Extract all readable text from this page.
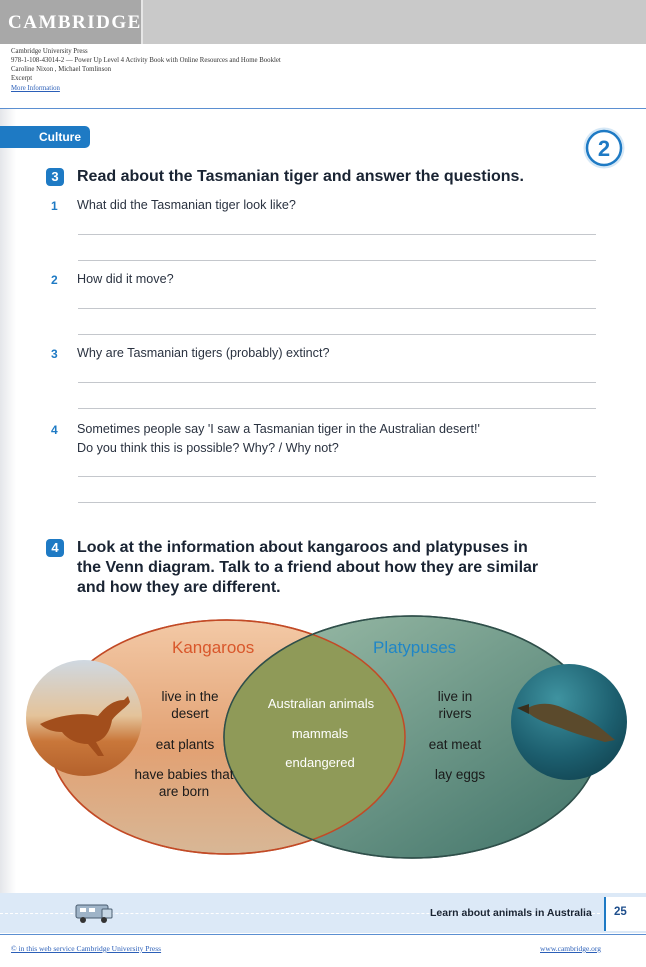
CAMBRIDGE
Cambridge University Press
978-1-108-43014-2 — Power Up Level 4 Activity Book with Online Resources and Home Booklet
Caroline Nixon , Michael Tomlinson
Excerpt
More Information
Culture	2
3	Read about the Tasmanian tiger and answer the questions.
1 What did the Tasmanian tiger look like?
2 How did it move?
3 Why are Tasmanian tigers (probably) extinct?
4 Sometimes people say 'I saw a Tasmanian tiger in the Australian desert!'
Do you think this is possible? Why? / Why not?
4	Look at the information about kangaroos and platypuses in
the Venn diagram. Talk to a friend about how they are similar
and how they are different.
Kangaroos	Platypuses
live in the desert
eat plants
have babies that are born
Australian animals
mammals
endangered
live in rivers
eat meat
lay eggs
Learn about animals in Australia 25
© in this web service Cambridge University Press	www.cambridge.org
